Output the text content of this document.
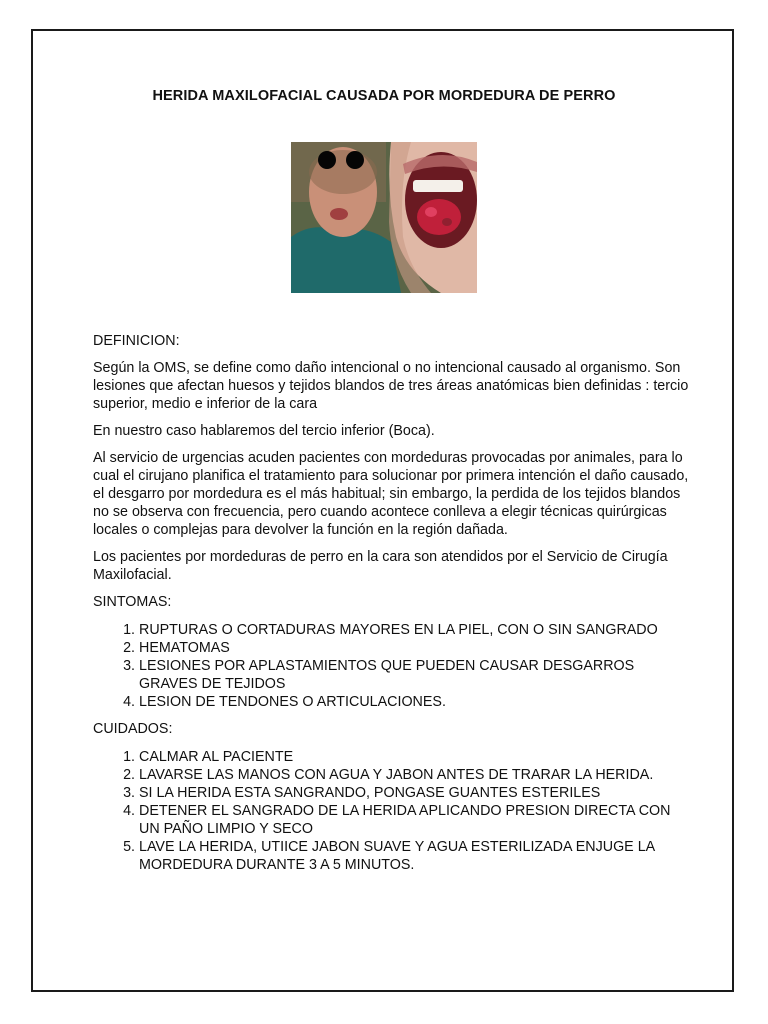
HERIDA MAXILOFACIAL CAUSADA POR MORDEDURA DE PERRO

DEFINICION:

Según la OMS, se define como daño intencional o no intencional causado al organismo. Son lesiones que afectan huesos y tejidos blandos de tres áreas anatómicas bien definidas : tercio superior, medio e inferior de la cara

En nuestro caso hablaremos del tercio inferior (Boca).

Al servicio de urgencias acuden pacientes con mordeduras provocadas por animales, para lo cual el cirujano planifica el tratamiento para solucionar por primera intención el daño causado, el desgarro por mordedura es el más habitual; sin embargo, la perdida de los tejidos blandos no se observa con frecuencia, pero cuando acontece conlleva a elegir técnicas quirúrgicas locales o complejas para devolver la función en la región dañada.

Los pacientes por mordeduras de perro en la cara son atendidos por el Servicio de Cirugía Maxilofacial.

SINTOMAS:

1. RUPTURAS O CORTADURAS MAYORES EN LA PIEL, CON O SIN SANGRADO
2. HEMATOMAS
3. LESIONES POR APLASTAMIENTOS QUE PUEDEN CAUSAR DESGARROS GRAVES DE TEJIDOS
4. LESION DE TENDONES O ARTICULACIONES.

CUIDADOS:

1. CALMAR AL PACIENTE
2. LAVARSE LAS MANOS CON AGUA Y JABON ANTES DE TRARAR LA HERIDA.
3. SI LA HERIDA ESTA SANGRANDO, PONGASE GUANTES ESTERILES
4. DETENER EL SANGRADO DE LA HERIDA APLICANDO PRESION DIRECTA CON UN PAÑO LIMPIO Y SECO
5. LAVE LA HERIDA, UTIICE JABON SUAVE Y AGUA ESTERILIZADA ENJUGE LA MORDEDURA DURANTE 3 A 5 MINUTOS.
